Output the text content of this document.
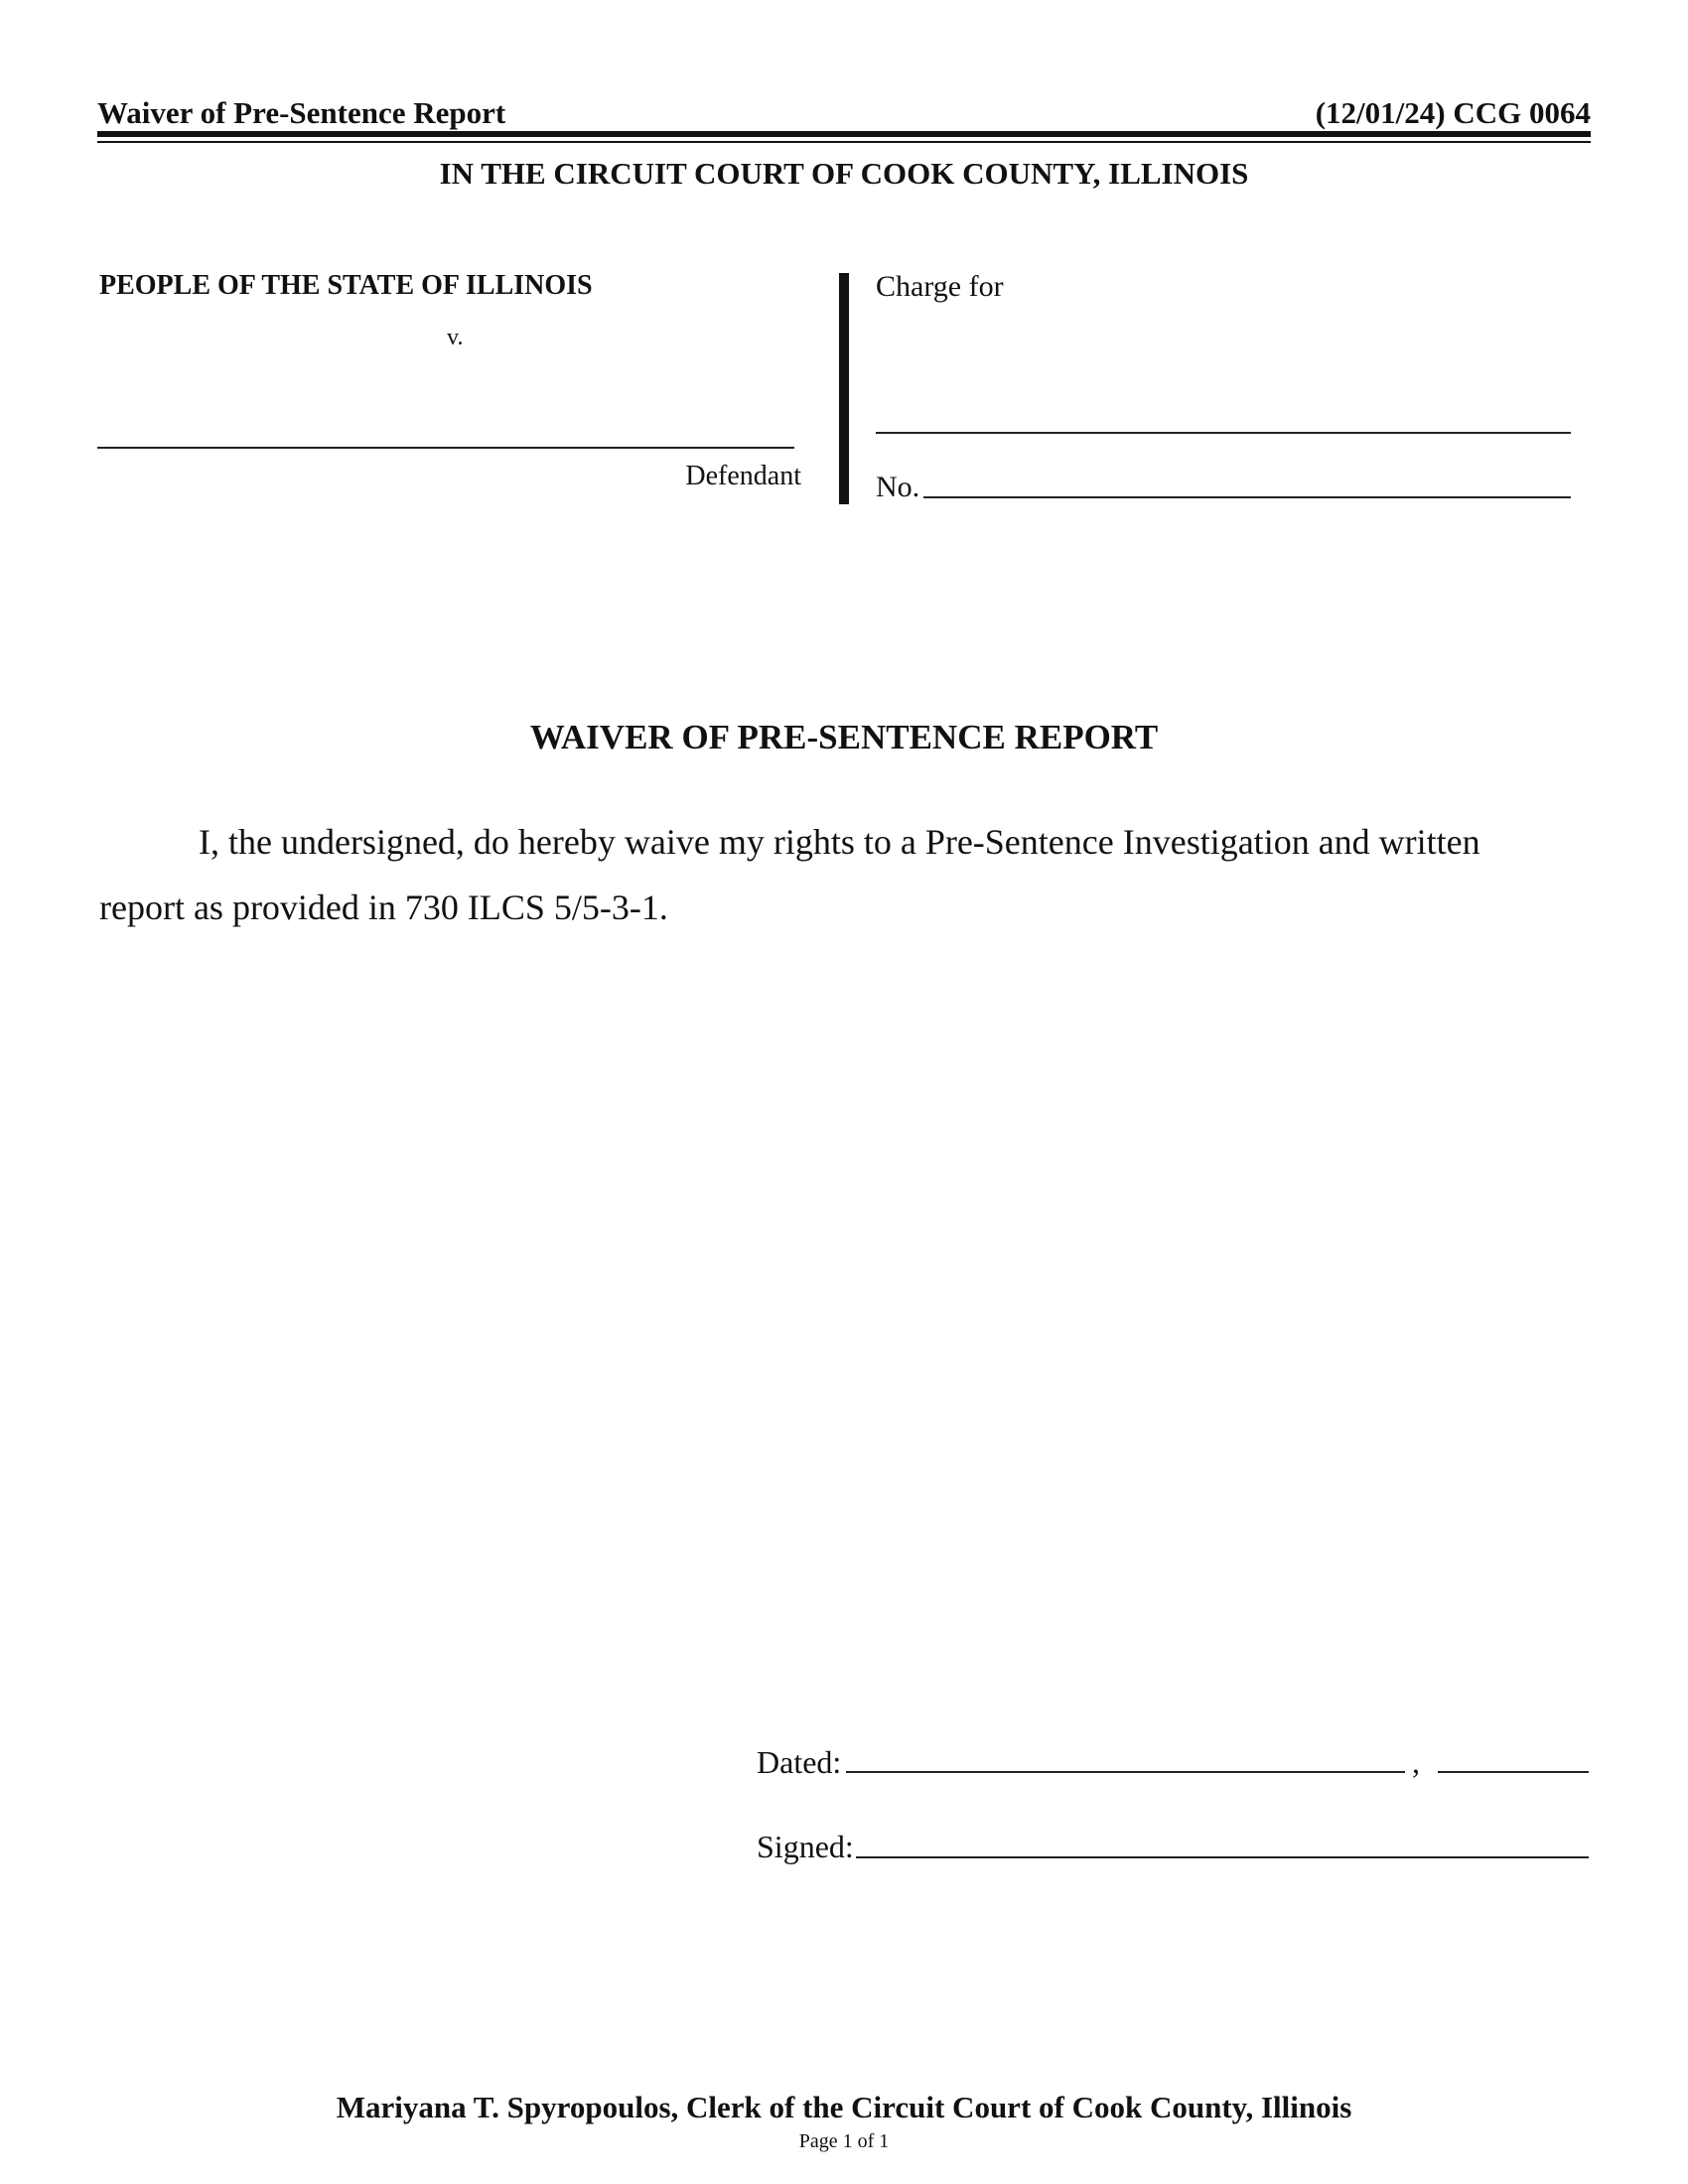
Waiver of Pre-Sentence Report	(12/01/24) CCG 0064
IN THE CIRCUIT COURT OF COOK COUNTY, ILLINOIS
PEOPLE OF THE STATE OF ILLINOIS
v.
Defendant
Charge for
No.
WAIVER OF PRE-SENTENCE REPORT
I, the undersigned, do hereby waive my rights to a Pre-Sentence Investigation and written report as provided in 730 ILCS 5/5-3-1.
Dated:	,
Signed:
Mariyana T. Spyropoulos, Clerk of the Circuit Court of Cook County, Illinois
Page 1 of 1
